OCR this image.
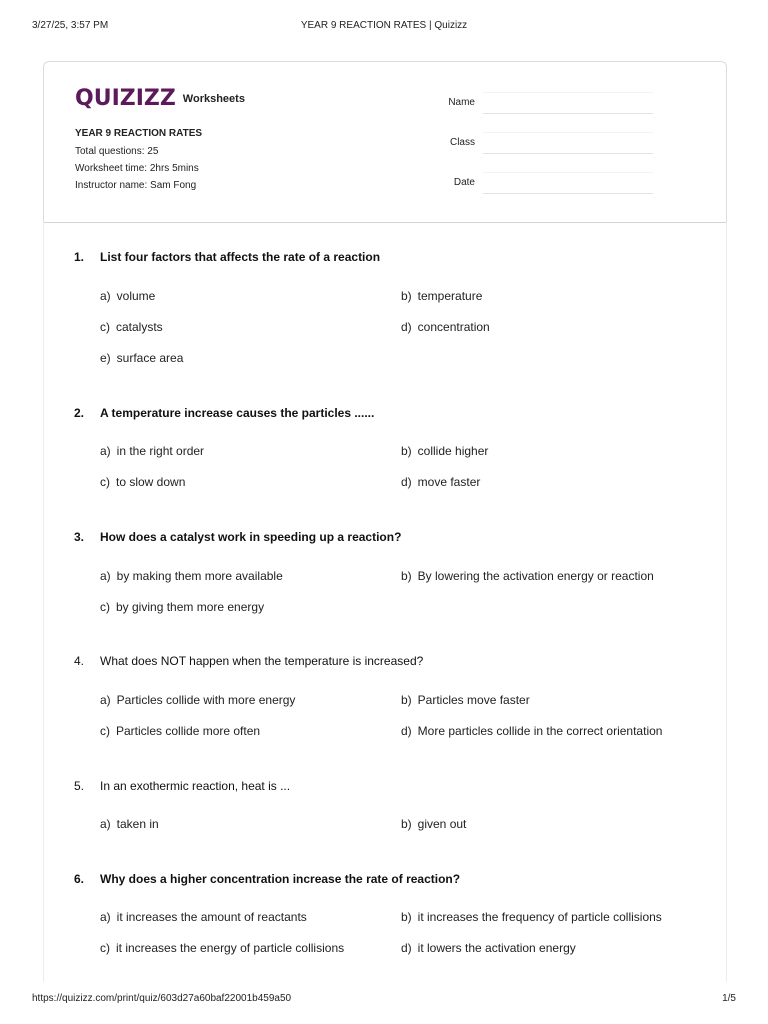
3/27/25, 3:57 PM	YEAR 9 REACTION RATES | Quizizz
QUIZIZZ Worksheets
YEAR 9 REACTION RATES
Total questions: 25
Worksheet time: 2hrs 5mins
Instructor name: Sam Fong
Name
Class
Date
1. List four factors that affects the rate of a reaction
a) volume	b) temperature
c) catalysts	d) concentration
e) surface area
2. A temperature increase causes the particles ......
a) in the right order	b) collide higher
c) to slow down	d) move faster
3. How does a catalyst work in speeding up a reaction?
a) by making them more available	b) By lowering the activation energy or reaction
c) by giving them more energy
4. What does NOT happen when the temperature is increased?
a) Particles collide with more energy	b) Particles move faster
c) Particles collide more often	d) More particles collide in the correct orientation
5. In an exothermic reaction, heat is ...
a) taken in	b) given out
6. Why does a higher concentration increase the rate of reaction?
a) it increases the amount of reactants	b) it increases the frequency of particle collisions
c) it increases the energy of particle collisions	d) it lowers the activation energy
https://quizizz.com/print/quiz/603d27a60baf22001b459a50	1/5
